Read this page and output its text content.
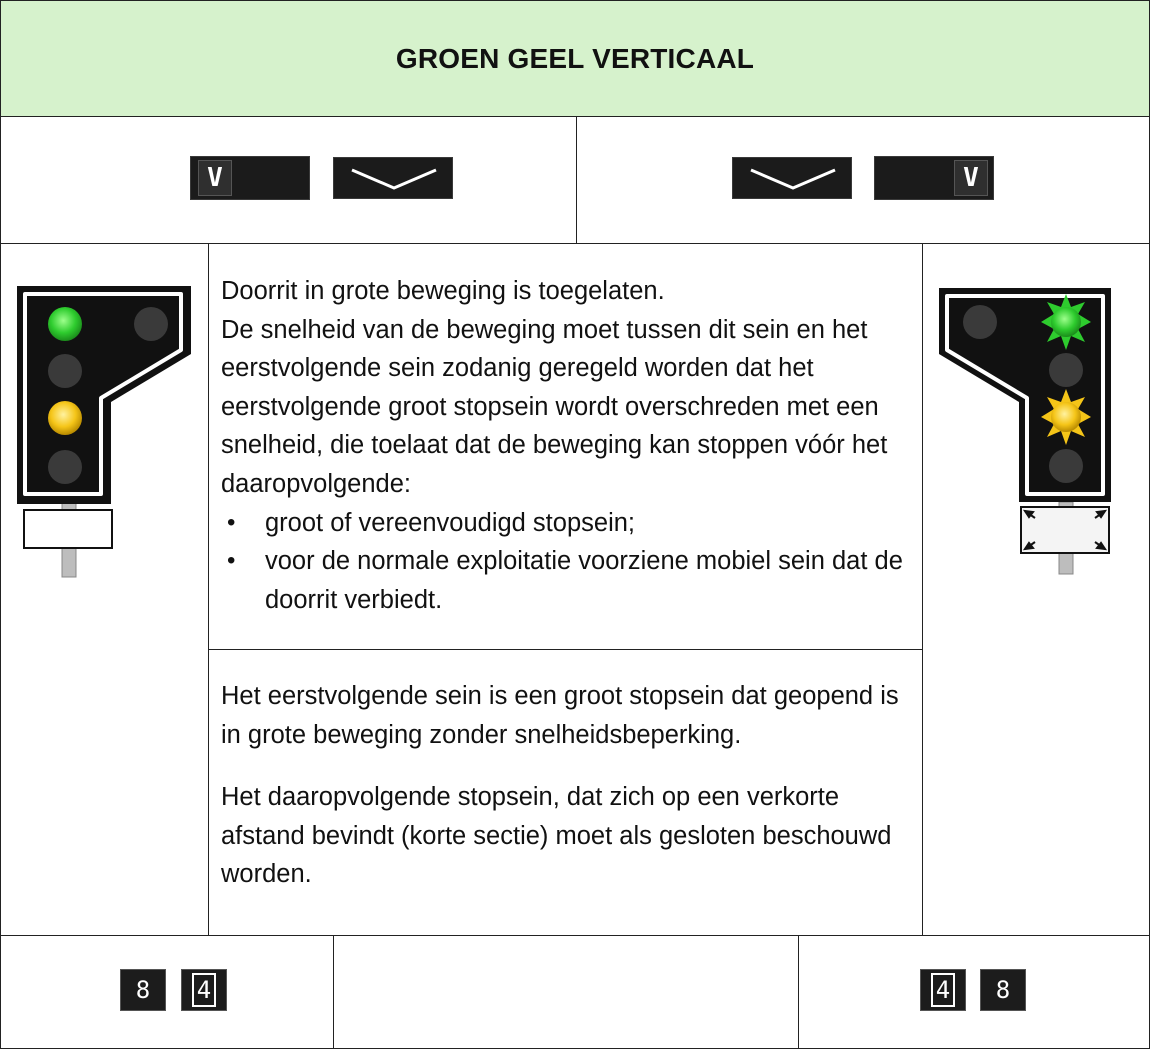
GROEN GEEL VERTICAAL
V	V

Doorrit in grote beweging is toegelaten.

De snelheid van de beweging moet tussen dit sein en het eerstvolgende sein zodanig geregeld worden dat het eerstvolgende groot stopsein wordt overschreden met een snelheid, die toelaat dat de beweging kan stoppen vóór het daaropvolgende:

• groot of vereenvoudigd stopsein;
• voor de normale exploitatie voorziene mobiel sein dat de doorrit verbiedt.

Het eerstvolgende sein is een groot stopsein dat geopend is in grote beweging zonder snelheidsbeperking.

Het daaropvolgende stopsein, dat zich op een verkorte afstand bevindt (korte sectie) moet als gesloten beschouwd worden.

8 4	4 8
